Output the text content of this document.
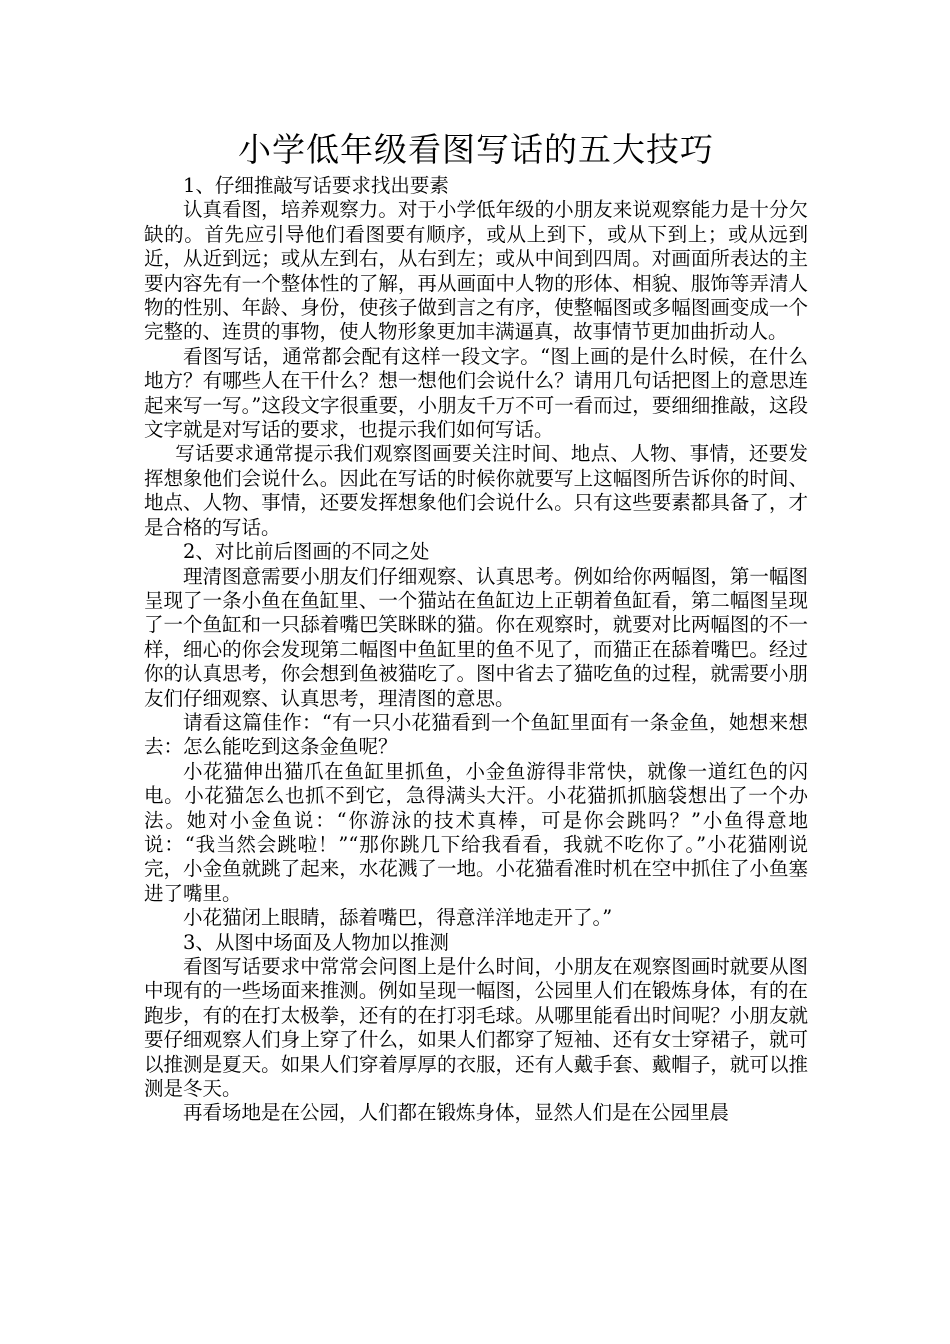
小学低年级看图写话的五大技巧

1、仔细推敲写话要求找出要素

认真看图，培养观察力。对于小学低年级的小朋友来说观察能力是十分欠缺的。首先应引导他们看图要有顺序，或从上到下，或从下到上；或从远到近，从近到远；或从左到右，从右到左；或从中间到四周。对画面所表达的主要内容先有一个整体性的了解，再从画面中人物的形体、相貌、服饰等弄清人物的性别、年龄、身份，使孩子做到言之有序，使整幅图或多幅图画变成一个完整的、连贯的事物，使人物形象更加丰满逼真，故事情节更加曲折动人。

看图写话，通常都会配有这样一段文字。“图上画的是什么时候，在什么地方？有哪些人在干什么？想一想他们会说什么？请用几句话把图上的意思连起来写一写。”这段文字很重要，小朋友千万不可一看而过，要细细推敲，这段文字就是对写话的要求，也提示我们如何写话。

写话要求通常提示我们观察图画要关注时间、地点、人物、事情，还要发挥想象他们会说什么。因此在写话的时候你就要写上这幅图所告诉你的时间、地点、人物、事情，还要发挥想象他们会说什么。只有这些要素都具备了，才是合格的写话。

2、对比前后图画的不同之处

理清图意需要小朋友们仔细观察、认真思考。例如给你两幅图，第一幅图呈现了一条小鱼在鱼缸里、一个猫站在鱼缸边上正朝着鱼缸看，第二幅图呈现了一个鱼缸和一只舔着嘴巴笑眯眯的猫。你在观察时，就要对比两幅图的不一样，细心的你会发现第二幅图中鱼缸里的鱼不见了，而猫正在舔着嘴巴。经过你的认真思考，你会想到鱼被猫吃了。图中省去了猫吃鱼的过程，就需要小朋友们仔细观察、认真思考，理清图的意思。

请看这篇佳作：“有一只小花猫看到一个鱼缸里面有一条金鱼，她想来想去：怎么能吃到这条金鱼呢？

小花猫伸出猫爪在鱼缸里抓鱼，小金鱼游得非常快，就像一道红色的闪电。小花猫怎么也抓不到它，急得满头大汗。小花猫抓抓脑袋想出了一个办法。她对小金鱼说：“你游泳的技术真棒，可是你会跳吗？”小鱼得意地说：“我当然会跳啦！”“那你跳几下给我看看，我就不吃你了。”小花猫刚说完，小金鱼就跳了起来，水花溅了一地。小花猫看准时机在空中抓住了小鱼塞进了嘴里。

小花猫闭上眼睛，舔着嘴巴，得意洋洋地走开了。”

3、从图中场面及人物加以推测

看图写话要求中常常会问图上是什么时间，小朋友在观察图画时就要从图中现有的一些场面来推测。例如呈现一幅图，公园里人们在锻炼身体，有的在跑步，有的在打太极拳，还有的在打羽毛球。从哪里能看出时间呢？小朋友就要仔细观察人们身上穿了什么，如果人们都穿了短袖、还有女士穿裙子，就可以推测是夏天。如果人们穿着厚厚的衣服，还有人戴手套、戴帽子，就可以推测是冬天。

再看场地是在公园，人们都在锻炼身体，显然人们是在公园里晨
